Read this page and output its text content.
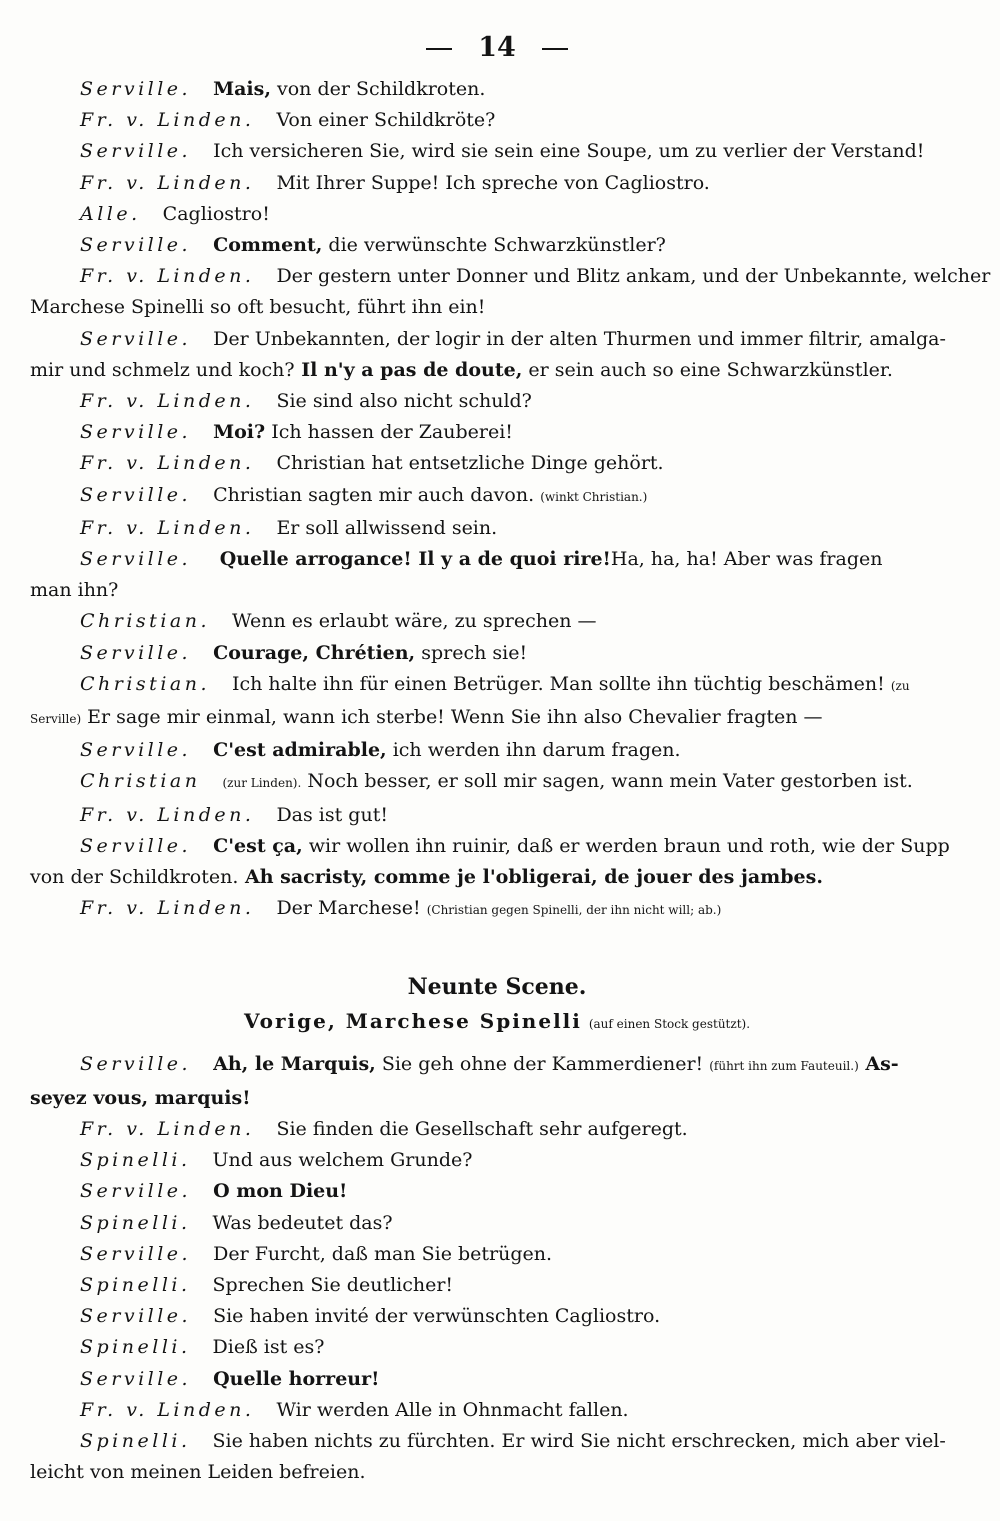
14
Serville. Mais, von der Schildkroten.
Fr. v. Linden. Von einer Schildkröte?
Serville. Ich versicheren Sie, wird sie sein eine Soupe, um zu verlier der Verstand!
Fr. v. Linden. Mit Ihrer Suppe! Ich spreche von Cagliostro.
Alle. Cagliostro!
Serville. Comment, die verwünschte Schwarzkünstler?
Fr. v. Linden. Der gestern unter Donner und Blitz ankam, und der Unbekannte, welcher
Marchese Spinelli so oft besucht, führt ihn ein!
Serville. Der Unbekannten, der logir in der alten Thurmen und immer filtrir, amalga-
mir und schmelz und koch? Il n'y a pas de doute, er sein auch so eine Schwarzkünstler.
Fr. v. Linden. Sie sind also nicht schuld?
Serville. Moi? Ich hassen der Zauberei!
Fr. v. Linden. Christian hat entsetzliche Dinge gehört.
Serville. Christian sagten mir auch davon. (winkt Christian.)
Fr. v. Linden. Er soll allwissend sein.
Serville. Quelle arrogance! Il y a de quoi rire!Ha, ha, ha! Aber was fragen
man ihn?
Christian. Wenn es erlaubt wäre, zu sprechen —
Serville. Courage, Chrétien, sprech sie!
Christian. Ich halte ihn für einen Betrüger. Man sollte ihn tüchtig beschämen! (zu
Serville) Er sage mir einmal, wann ich sterbe! Wenn Sie ihn also Chevalier fragten —
Serville. C'est admirable, ich werden ihn darum fragen.
Christian (zur Linden). Noch besser, er soll mir sagen, wann mein Vater gestorben ist.
Fr. v. Linden. Das ist gut!
Serville. C'est ça, wir wollen ihn ruinir, daß er werden braun und roth, wie der Supp
von der Schildkroten. Ah sacristy, comme je l'obligerai, de jouer des jambes.
Fr. v. Linden. Der Marchese! (Christian gegen Spinelli, der ihn nicht will; ab.)
Neunte Scene.
Vorige, Marchese Spinelli (auf einen Stock gestützt).
Serville. Ah, le Marquis, Sie geh ohne der Kammerdiener! (führt ihn zum Fauteuil.) As-
seyez vous, marquis!
Fr. v. Linden. Sie finden die Gesellschaft sehr aufgeregt.
Spinelli. Und aus welchem Grunde?
Serville. O mon Dieu!
Spinelli. Was bedeutet das?
Serville. Der Furcht, daß man Sie betrügen.
Spinelli. Sprechen Sie deutlicher!
Serville. Sie haben invité der verwünschten Cagliostro.
Spinelli. Dieß ist es?
Serville. Quelle horreur!
Fr. v. Linden. Wir werden Alle in Ohnmacht fallen.
Spinelli. Sie haben nichts zu fürchten. Er wird Sie nicht erschrecken, mich aber viel-
leicht von meinen Leiden befreien.
